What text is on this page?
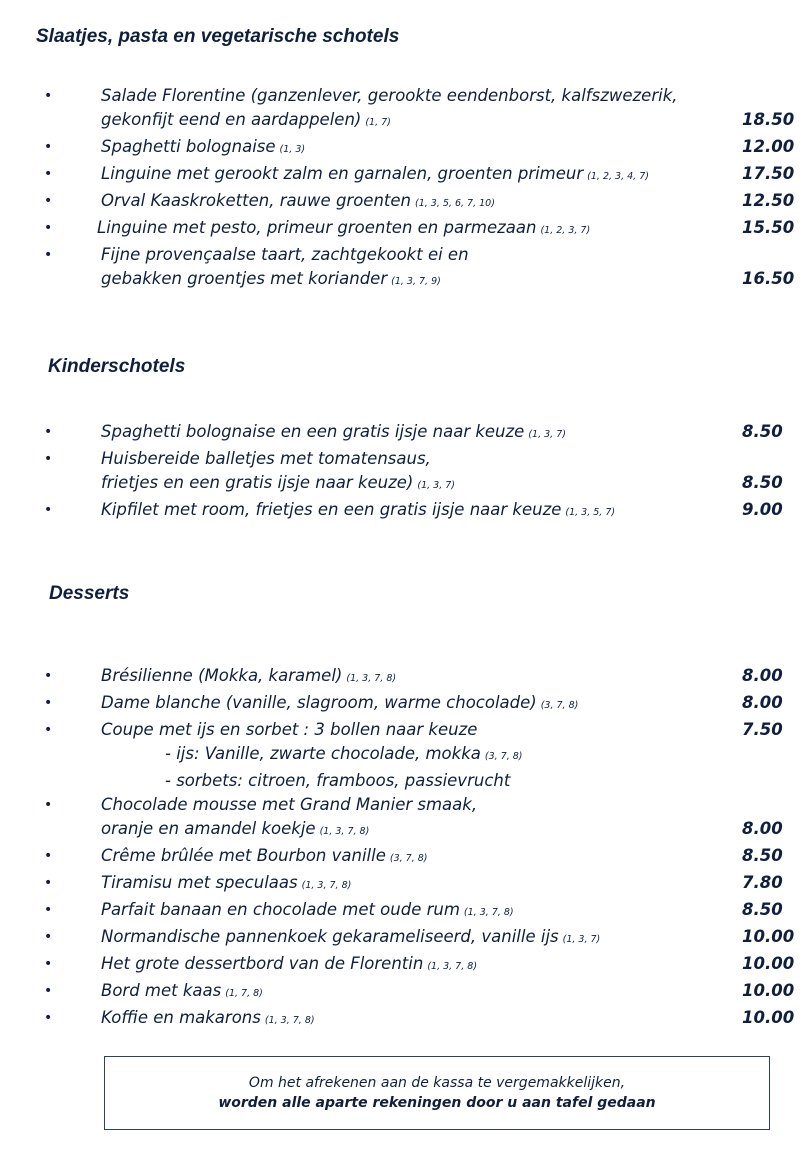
Slaatjes, pasta en vegetarische schotels
•	Salade Florentine (ganzenlever, gerookte eendenborst, kalfszwezerik,
gekonfijt eend en aardappelen) (1, 7)	18.50
•	Spaghetti bolognaise (1, 3)	12.00
•	Linguine met gerookt zalm en garnalen, groenten primeur (1, 2, 3, 4, 7)	17.50
•	Orval Kaaskroketten, rauwe groenten (1, 3, 5, 6, 7, 10)	12.50
•	Linguine met pesto, primeur groenten en parmezaan (1, 2, 3, 7)	15.50
•	Fijne provençaalse taart, zachtgekookt ei en
gebakken groentjes met koriander (1, 3, 7, 9)	16.50
Kinderschotels
•	Spaghetti bolognaise en een gratis ijsje naar keuze (1, 3, 7)	8.50
•	Huisbereide balletjes met tomatensaus,
frietjes en een gratis ijsje naar keuze) (1, 3, 7)	8.50
•	Kipfilet met room, frietjes en een gratis ijsje naar keuze (1, 3, 5, 7)	9.00
Desserts
•	Brésilienne (Mokka, karamel) (1, 3, 7, 8)	8.00
•	Dame blanche (vanille, slagroom, warme chocolade) (3, 7, 8)	8.00
•	Coupe met ijs en sorbet : 3 bollen naar keuze	7.50
- ijs: Vanille, zwarte chocolade, mokka (3, 7, 8)
- sorbets: citroen, framboos, passievrucht
•	Chocolade mousse met Grand Manier smaak,
oranje en amandel koekje (1, 3, 7, 8)	8.00
•	Crême brûlée met Bourbon vanille (3, 7, 8)	8.50
•	Tiramisu met speculaas (1, 3, 7, 8)	7.80
•	Parfait banaan en chocolade met oude rum (1, 3, 7, 8)	8.50
•	Normandische pannenkoek gekarameliseerd, vanille ijs (1, 3, 7)	10.00
•	Het grote dessertbord van de Florentin (1, 3, 7, 8)	10.00
•	Bord met kaas (1, 7, 8)	10.00
•	Koffie en makarons (1, 3, 7, 8)	10.00
Om het afrekenen aan de kassa te vergemakkelijken,
worden alle aparte rekeningen door u aan tafel gedaan
